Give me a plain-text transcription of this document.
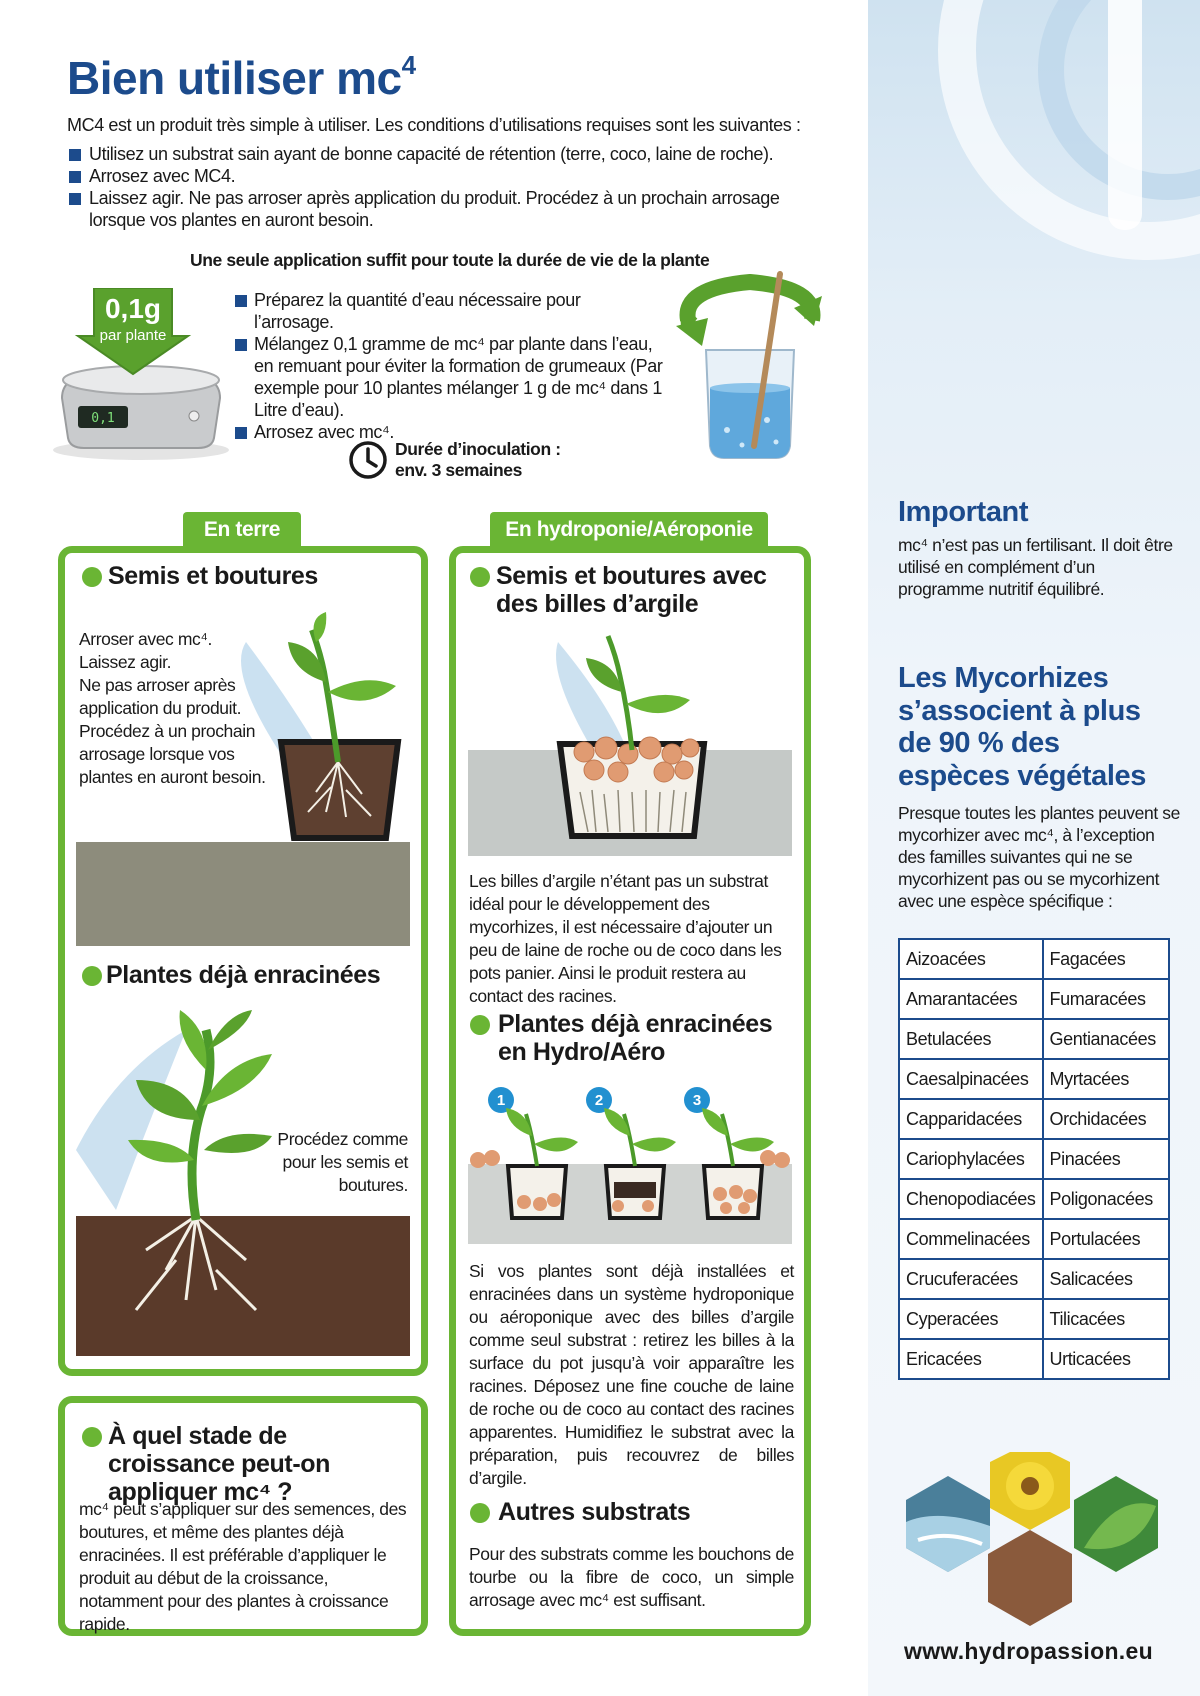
Bien utiliser $mc^4$

MC4 est un produit très simple à utiliser. Les conditions d’utilisations requises sont les suivantes :

Utilisez un substrat sain ayant de bonne capacité de rétention (terre, coco, laine de roche).
Arrosez avec MC4.
Laissez agir. Ne pas arroser après application du produit. Procédez à un prochain arrosage lorsque vos plantes en auront besoin.

Une seule application suffit pour toute la durée de vie de la plante

0,1
0,1g
par plante
Préparez la quantité d’eau nécessaire pour l’arrosage.
Mélangez 0,1 gramme de mc⁴ par plante dans l’eau, en remuant pour éviter la formation de grumeaux (Par exemple pour 10 plantes mélanger 1 g de mc⁴ dans 1 Litre d’eau).
Arrosez avec mc⁴.
Durée d’inoculation :
env. 3 semaines
En terre
Semis et boutures

Arroser avec mc⁴.
Laissez agir.
Ne pas arroser après application du produit. Procédez à un prochain arrosage lorsque vos plantes en auront besoin.

Plantes déjà enracinées

Procédez comme pour les semis et boutures.

À quel stade de croissance peut-on appliquer mc⁴ ?

mc⁴ peut s’appliquer sur des semences, des boutures, et même des plantes déjà enracinées. Il est préférable d’appliquer le produit au début de la croissance, notamment pour des plantes à croissance rapide.

En hydroponie/Aéroponie
Semis et boutures avec des billes d’argile

Les billes d’argile n’étant pas un substrat idéal pour le développement des mycorhizes, il est nécessaire d’ajouter un peu de laine de roche ou de coco dans les pots panier. Ainsi le produit restera au contact des racines.

Plantes déjà enracinées en Hydro/Aéro
1	2	3

Si vos plantes sont déjà installées et enracinées dans un système hydroponique ou aéroponique avec des billes d’argile comme seul substrat : retirez les billes à la surface du pot jusqu’à voir apparaître les racines. Déposez une fine couche de laine de roche ou de coco au contact des racines apparentes. Humidifiez le substrat avec la préparation, puis recouvrez de billes d’argile.

Autres substrats

Pour des substrats comme les bouchons de tourbe ou la fibre de coco, un simple arrosage avec mc⁴ est suffisant.

Important

mc⁴ n’est pas un fertilisant. Il doit être utilisé en complément d’un programme nutritif équilibré.

Les Mycorhizes s’associent à plus de 90 % des espèces végétales

Presque toutes les plantes peuvent se mycorhizer avec mc⁴, à l’exception des familles suivantes qui ne se mycorhizent pas ou se mycorhizent avec une espèce spécifique :

Aizoacées	Fagacées
Amarantacées	Fumaracées
Betulacées	Gentianacées
Caesalpinacées	Myrtacées
Capparidacées	Orchidacées
Cariophylacées	Pinacées
Chenopodiacées	Poligonacées
Commelinacées	Portulacées
Crucuferacées	Salicacées
Cyperacées	Tilicacées
Ericacées	Urticacées
www.hydropassion.eu
